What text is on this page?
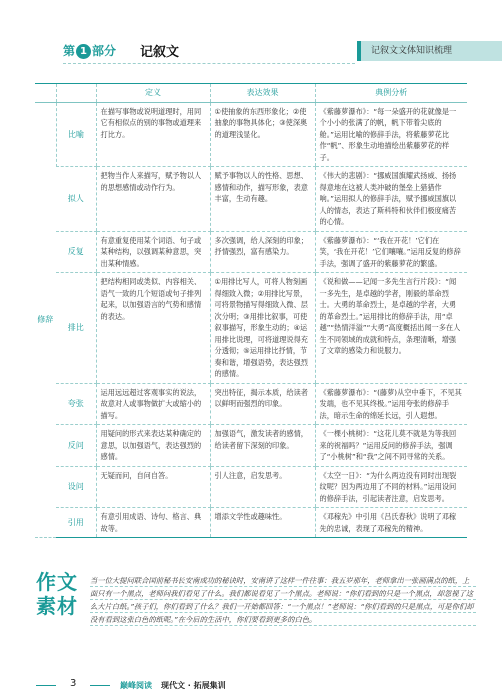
第 1 部分 记叙文	记叙文文体知识梳理
		定义	表达效果	典例分析
修辞	比喻	在描写事物或说明道理时，用同它有相似点的别的事物或道理来打比方。	①使抽象的东西形象化；②使抽象的事物具体化；③使深奥的道理浅显化。	《紫藤萝瀑布》：“每一朵盛开的花就像是一个小小的张满了的帆，帆下带着尖底的舱。”运用比喻的修辞手法，将紫藤萝花比作“帆”、形象生动地描绘出紫藤萝花的样子。
	拟人	把物当作人来描写，赋予物以人的思想感情或动作行为。	赋予事物以人的性格、思想、感情和动作，描写形象，表意丰富，生动有趣。	《伟大的悲剧》：“挪威国旗耀武扬威、扬扬得意地在这被人类冲破的堡垒上猎猎作响。”运用拟人的修辞手法，赋予挪威国旗以人的情态，表达了斯科特和伙伴们极度痛苦的心情。
	反复	有意重复使用某个词语、句子或某种结构，以强调某种意思，突出某种情感。	多次强调，给人深刻的印象；抒情强烈，富有感染力。	《紫藤萝瀑布》：“‘我在开花！’它们在笑，‘我在开花！’它们嚷嚷。”运用反复的修辞手法，强调了盛开的紫藤萝花的繁盛。
	排比	把结构相同或类似、内容相关、语气一致的几个短语或句子排列起来，以加强语言的气势和感情的表达。	①用排比写人，可将人物刻画得细致入微；②用排比写景，可将景物描写得细致入微、层次分明；③用排比叙事，可使叙事描写，形象生动的；④运用排比说理，可将道理说得充分透彻；⑤运用排比抒情，节奏和谐，增强语势，表达强烈的感情。	《说和做——记闻一多先生言行片段》：“闻一多先生，是卓越的学者，刚毅的革命烈士。大勇的革命烈士，是卓越的学者，大勇的革命烈士。”运用排比的修辞手法，用“卓越”“热情洋溢”“大勇”高度概括出闻一多在人生不同领域的成就和特点，条理清晰，增强了文章的感染力和说服力。
	夸张	运用远远超过客观事实的说法，故意对人或事物做扩大或缩小的描写。	突出特征，揭示本质，给读者以鲜明而强烈的印象。	《紫藤萝瀑布》：“(藤萝)从空中垂下，不见其发端，也不见其终极。”运用夸张的修辞手法，暗示生命的绵延长远，引人遐想。
	反问	用疑问的形式来表达某种确定的意思，以加强语气，表达强烈的感情。	加强语气，激发读者的感情，给读者留下深刻的印象。	《一棵小桃树》：“这花儿莫不就是为等我回来的祝福吗？”运用反问的修辞手法，强调了“小桃树”和“我”之间不同寻常的关系。
	设问	无疑而问，自问自答。	引人注意，启发思考。	《太空一日》：“为什么两边没有同时出现裂纹呢？因为两边用了不同的材料。”运用设问的修辞手法，引起读者注意，启发思考。
	引用	有意引用成语、诗句、格言、典故等。	增添文学性或趣味性。	《邓稼先》中引用《吕氏春秋》说明了邓稼先的忠诚，表现了邓稼先的精神。
作文素材
当一位大提问联合国前秘书长安南成功的秘诀时，安南讲了这样一件往事：我五岁那年，老师拿出一张画满点的纸，上面只有一个黑点，老师问我们看见了什么。我们都说看见了一个黑点。老师说：“你们看到的只是一个黑点，却忽视了这么大片白纸。”孩子们，你们看到了什么？我们一开始都回答：“一个黑点！”老师说：“你们看到的只是黑点，可是你们却没有看到这张白色的纸呢。”在今后的生活中，你们要看到更多的白色。
3	巅峰阅读 现代文 · 拓展集训
